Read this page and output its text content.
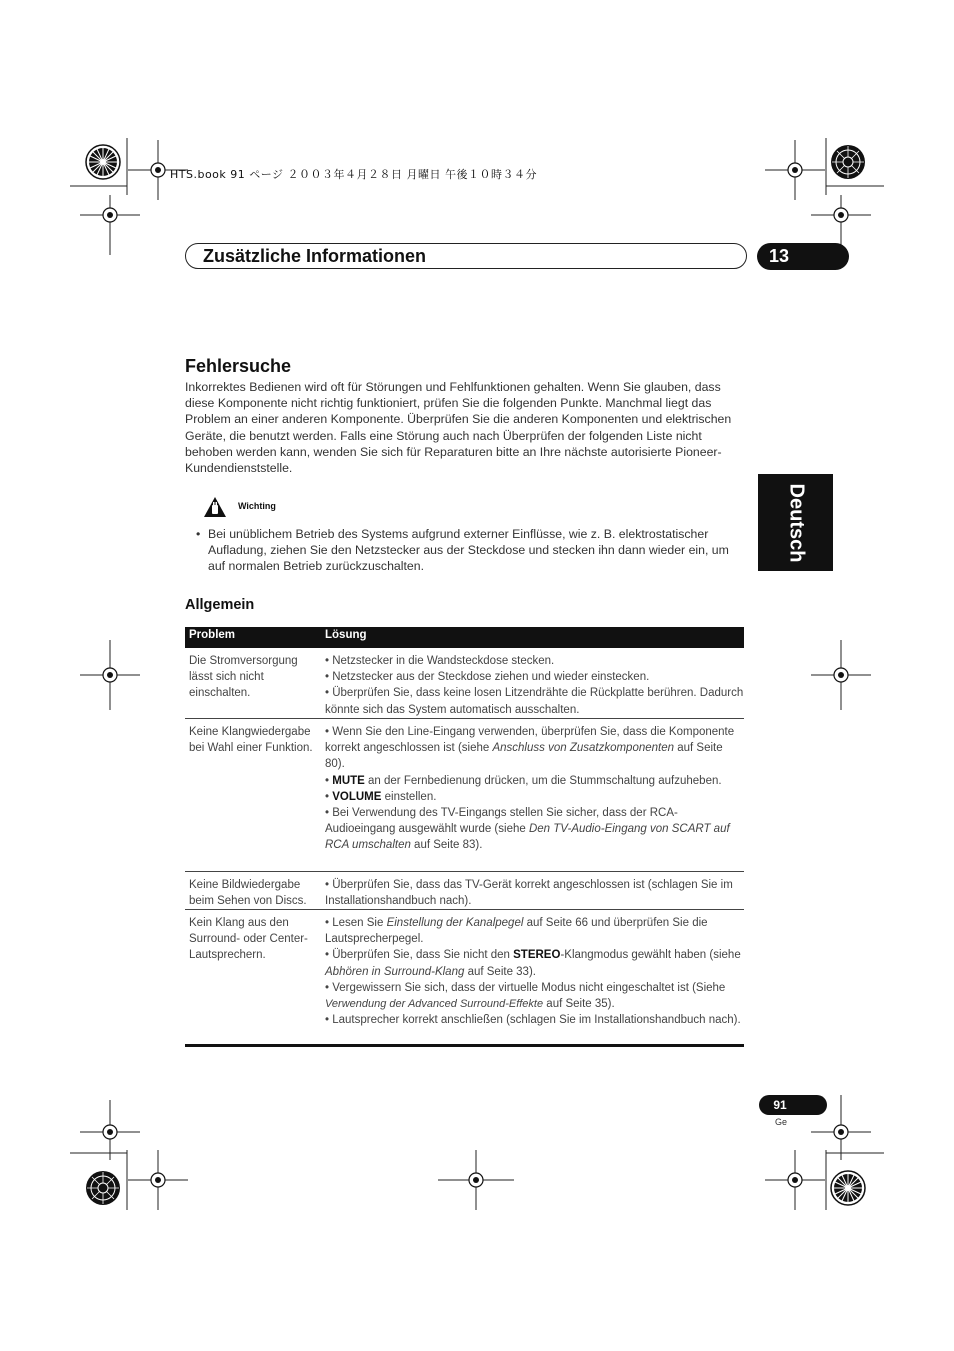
HTS.book 91 ページ ２００３年４月２８日 月曜日 午後１０時３４分
Zusätzliche Informationen	13
Deutsch
Fehlersuche

Inkorrektes Bedienen wird oft für Störungen und Fehlfunktionen gehalten. Wenn Sie glauben, dass diese Komponente nicht richtig funktioniert, prüfen Sie die folgenden Punkte. Manchmal liegt das Problem an einer anderen Komponente. Überprüfen Sie die anderen Komponenten und elektrischen Geräte, die benutzt werden. Falls eine Störung auch nach Überprüfen der folgenden Liste nicht behoben werden kann, wenden Sie sich für Reparaturen bitte an Ihre nächste autorisierte Pioneer-Kundendienststelle.

Wichting
• Bei unüblichem Betrieb des Systems aufgrund externer Einflüsse, wie z. B. elektrostatischer Aufladung, ziehen Sie den Netzstecker aus der Steckdose und stecken ihn dann wieder ein, um auf normalen Betrieb zurückzuschalten.
Allgemein
Problem	Lösung
Die Stromversorgung lässt sich nicht einschalten.
• Netzstecker in die Wandsteckdose stecken.
• Netzstecker aus der Steckdose ziehen und wieder einstecken.
• Überprüfen Sie, dass keine losen Litzendrähte die Rückplatte berühren. Dadurch könnte sich das System automatisch ausschalten.
Keine Klangwiedergabe bei Wahl einer Funktion.
• Wenn Sie den Line-Eingang verwenden, überprüfen Sie, dass die Komponente korrekt angeschlossen ist (siehe Anschluss von Zusatzkomponenten auf Seite 80).
• MUTE an der Fernbedienung drücken, um die Stummschaltung aufzuheben.
• VOLUME einstellen.
• Bei Verwendung des TV-Eingangs stellen Sie sicher, dass der RCA-Audioeingang ausgewählt wurde (siehe Den TV-Audio-Eingang von SCART auf RCA umschalten auf Seite 83).
Keine Bildwiedergabe beim Sehen von Discs.
• Überprüfen Sie, dass das TV-Gerät korrekt angeschlossen ist (schlagen Sie im Installationshandbuch nach).
Kein Klang aus den Surround- oder Center-Lautsprechern.
• Lesen Sie Einstellung der Kanalpegel auf Seite 66 und überprüfen Sie die Lautsprecherpegel.
• Überprüfen Sie, dass Sie nicht den STEREO-Klangmodus gewählt haben (siehe Abhören in Surround-Klang auf Seite 33).
• Vergewissern Sie sich, dass der virtuelle Modus nicht eingeschaltet ist (Siehe Verwendung der Advanced Surround-Effekte auf Seite 35).
• Lautsprecher korrekt anschließen (schlagen Sie im Installationshandbuch nach).
91
Ge
